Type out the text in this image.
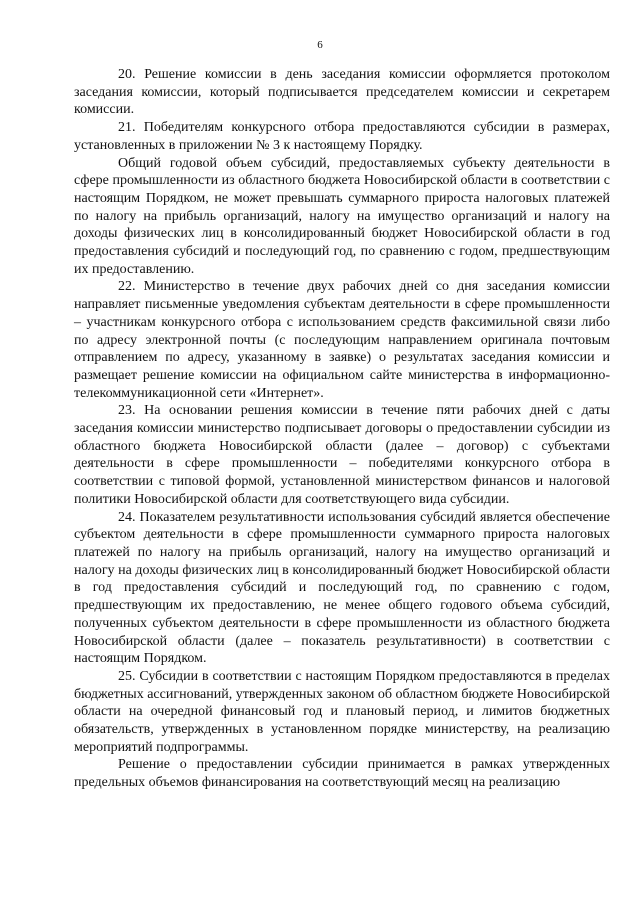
6

20. Решение комиссии в день заседания комиссии оформляется протоколом заседания комиссии, который подписывается председателем комиссии и секретарем комиссии.

21. Победителям конкурсного отбора предоставляются субсидии в размерах, установленных в приложении № 3 к настоящему Порядку.

Общий годовой объем субсидий, предоставляемых субъекту деятельности в сфере промышленности из областного бюджета Новосибирской области в соответствии с настоящим Порядком, не может превышать суммарного прироста налоговых платежей по налогу на прибыль организаций, налогу на имущество организаций и налогу на доходы физических лиц в консолидированный бюджет Новосибирской области в год предоставления субсидий и последующий год, по сравнению с годом, предшествующим их предоставлению.

22. Министерство в течение двух рабочих дней со дня заседания комиссии направляет письменные уведомления субъектам деятельности в сфере промышленности – участникам конкурсного отбора с использованием средств факсимильной связи либо по адресу электронной почты (с последующим направлением оригинала почтовым отправлением по адресу, указанному в заявке) о результатах заседания комиссии и размещает решение комиссии на официальном сайте министерства в информационно-телекоммуникационной сети «Интернет».

23. На основании решения комиссии в течение пяти рабочих дней с даты заседания комиссии министерство подписывает договоры о предоставлении субсидии из областного бюджета Новосибирской области (далее – договор) с субъектами деятельности в сфере промышленности – победителями конкурсного отбора в соответствии с типовой формой, установленной министерством финансов и налоговой политики Новосибирской области для соответствующего вида субсидии.

24. Показателем результативности использования субсидий является обеспечение субъектом деятельности в сфере промышленности суммарного прироста налоговых платежей по налогу на прибыль организаций, налогу на имущество организаций и налогу на доходы физических лиц в консолидированный бюджет Новосибирской области в год предоставления субсидий и последующий год, по сравнению с годом, предшествующим их предоставлению, не менее общего годового объема субсидий, полученных субъектом деятельности в сфере промышленности из областного бюджета Новосибирской области (далее – показатель результативности) в соответствии с настоящим Порядком.

25. Субсидии в соответствии с настоящим Порядком предоставляются в пределах бюджетных ассигнований, утвержденных законом об областном бюджете Новосибирской области на очередной финансовый год и плановый период, и лимитов бюджетных обязательств, утвержденных в установленном порядке министерству, на реализацию мероприятий подпрограммы.

Решение о предоставлении субсидии принимается в рамках утвержденных предельных объемов финансирования на соответствующий месяц на реализацию
